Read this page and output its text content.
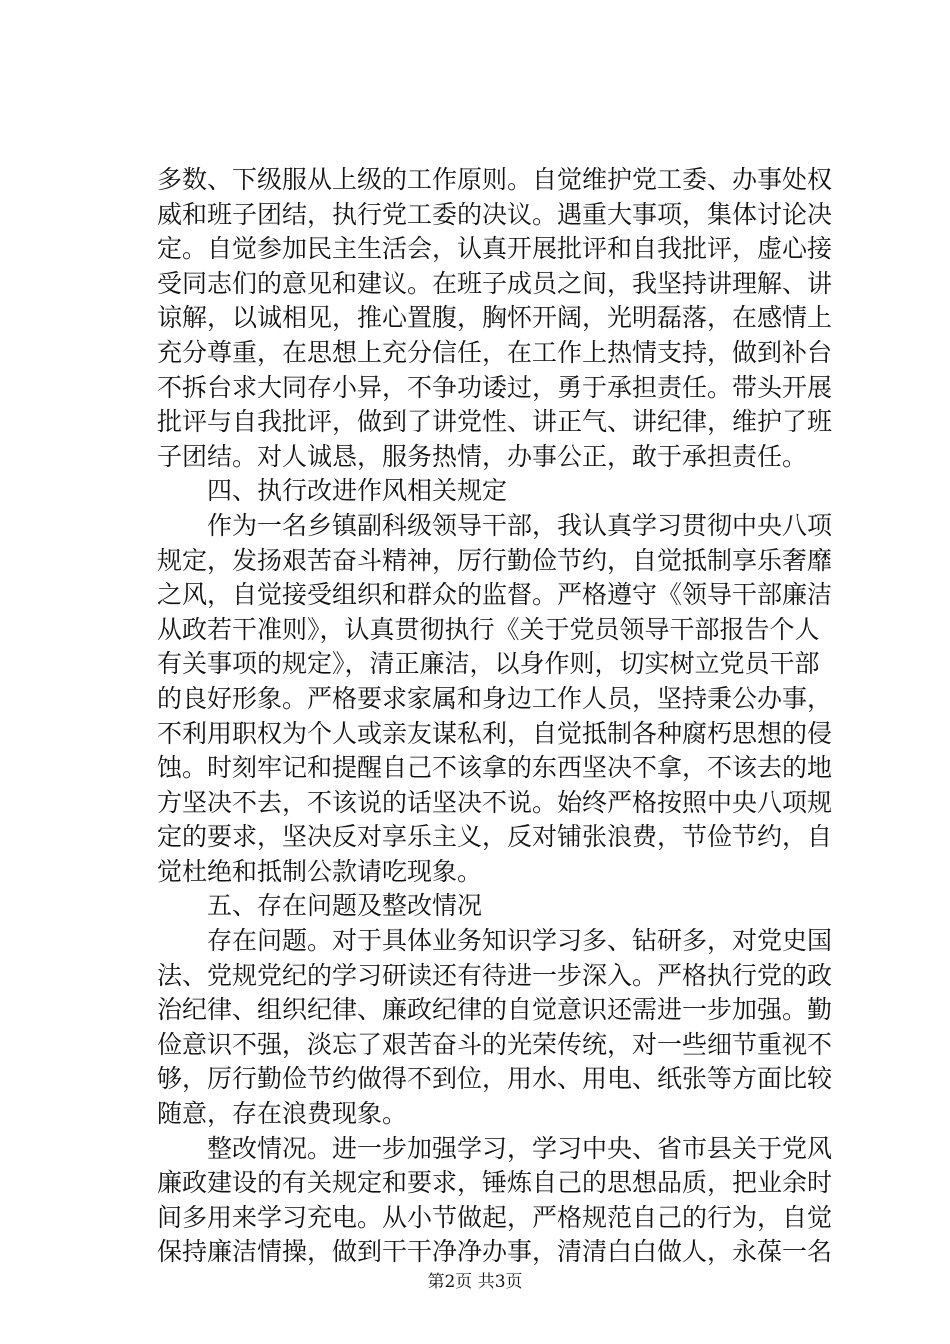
多数、下级服从上级的工作原则。自觉维护党工委、办事处权
威和班子团结，执行党工委的决议。遇重大事项，集体讨论决
定。自觉参加民主生活会，认真开展批评和自我批评，虚心接
受同志们的意见和建议。在班子成员之间，我坚持讲理解、讲
谅解，以诚相见，推心置腹，胸怀开阔，光明磊落，在感情上
充分尊重，在思想上充分信任，在工作上热情支持，做到补台
不拆台求大同存小异，不争功诿过，勇于承担责任。带头开展
批评与自我批评，做到了讲党性、讲正气、讲纪律，维护了班
子团结。对人诚恳，服务热情，办事公正，敢于承担责任。
四、执行改进作风相关规定
作为一名乡镇副科级领导干部，我认真学习贯彻中央八项
规定，发扬艰苦奋斗精神，厉行勤俭节约，自觉抵制享乐奢靡
之风，自觉接受组织和群众的监督。严格遵守《领导干部廉洁
从政若干准则》，认真贯彻执行《关于党员领导干部报告个人
有关事项的规定》，清正廉洁，以身作则，切实树立党员干部
的良好形象。严格要求家属和身边工作人员，坚持秉公办事，
不利用职权为个人或亲友谋私利，自觉抵制各种腐朽思想的侵
蚀。时刻牢记和提醒自己不该拿的东西坚决不拿，不该去的地
方坚决不去，不该说的话坚决不说。始终严格按照中央八项规
定的要求，坚决反对享乐主义，反对铺张浪费，节俭节约，自
觉杜绝和抵制公款请吃现象。
五、存在问题及整改情况
存在问题。对于具体业务知识学习多、钻研多，对党史国
法、党规党纪的学习研读还有待进一步深入。严格执行党的政
治纪律、组织纪律、廉政纪律的自觉意识还需进一步加强。勤
俭意识不强，淡忘了艰苦奋斗的光荣传统，对一些细节重视不
够，厉行勤俭节约做得不到位，用水、用电、纸张等方面比较
随意，存在浪费现象。
整改情况。进一步加强学习，学习中央、省市县关于党风
廉政建设的有关规定和要求，锤炼自己的思想品质，把业余时
间多用来学习充电。从小节做起，严格规范自己的行为，自觉
保持廉洁情操，做到干干净净办事，清清白白做人，永葆一名
第2页 共3页
